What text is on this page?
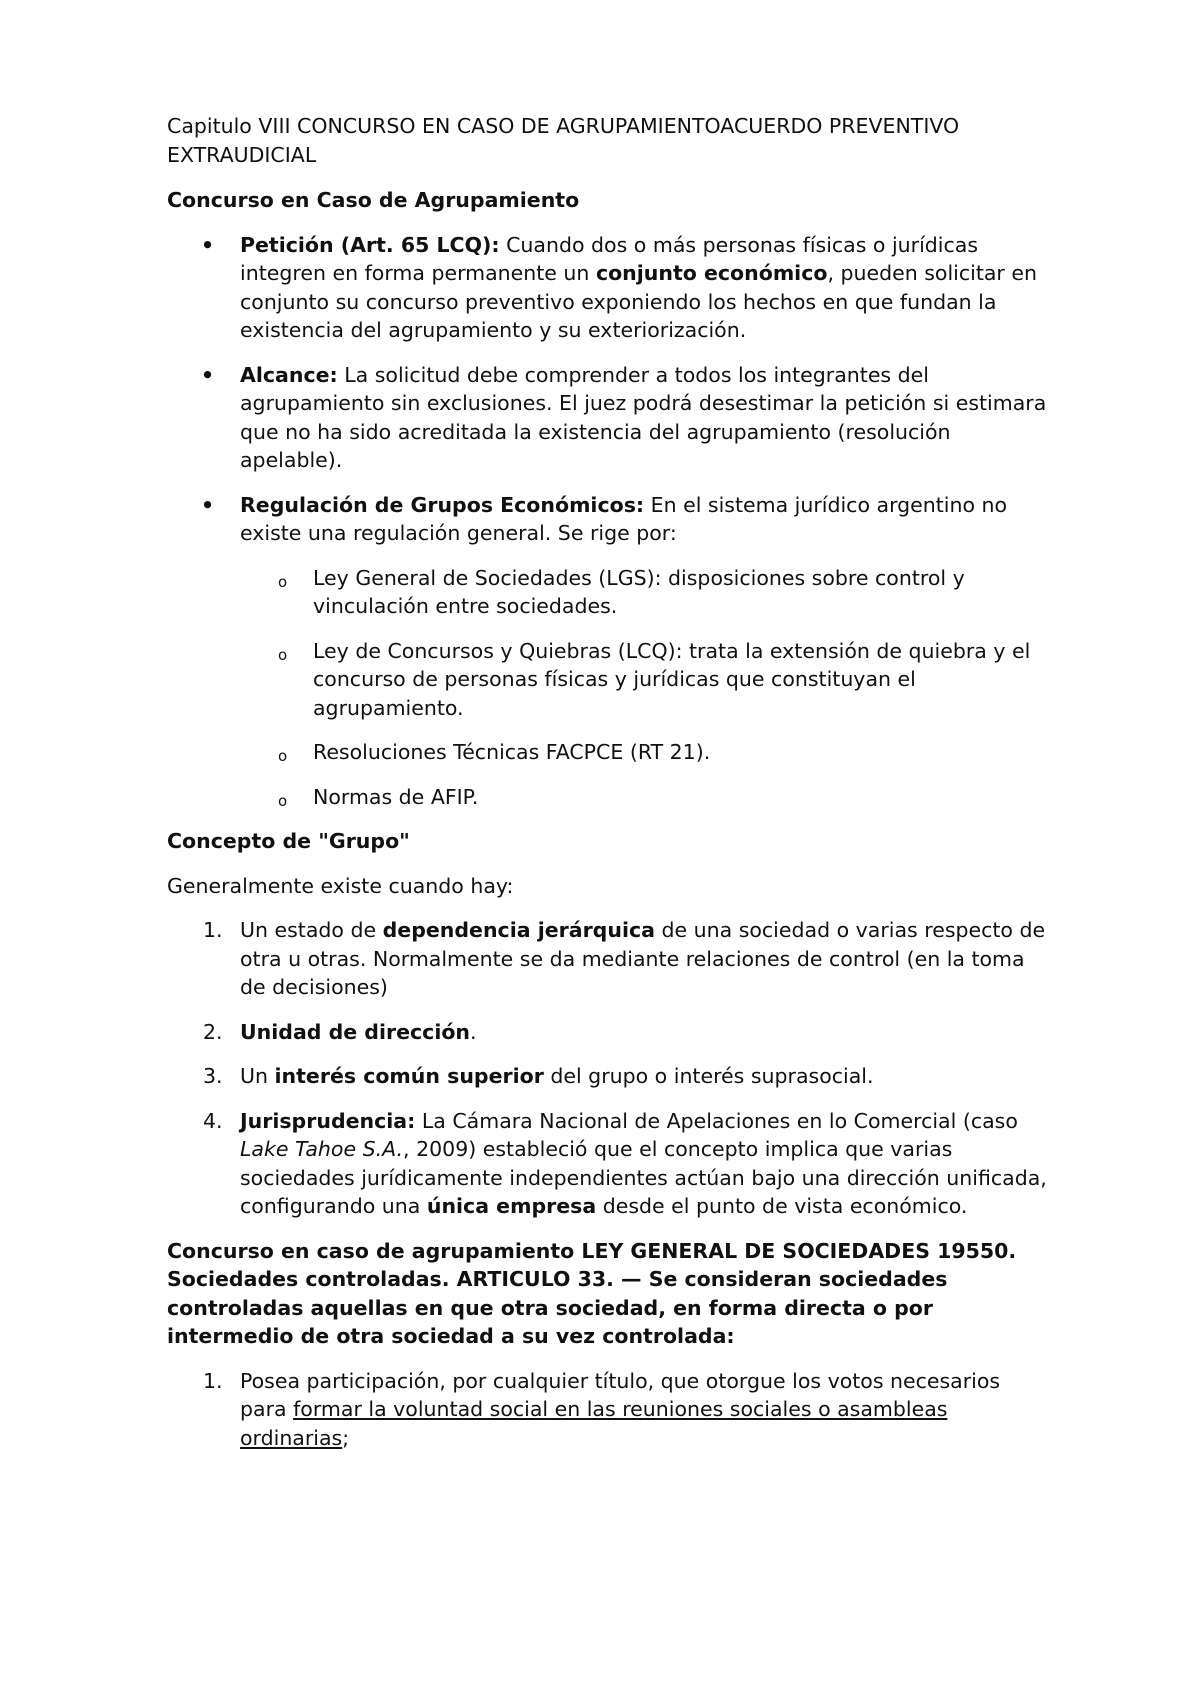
Capitulo VIII CONCURSO EN CASO DE AGRUPAMIENTOACUERDO PREVENTIVO EXTRAUDICIAL

Concurso en Caso de Agrupamiento

• Petición (Art. 65 LCQ): Cuando dos o más personas físicas o jurídicas integren en forma permanente un conjunto económico, pueden solicitar en conjunto su concurso preventivo exponiendo los hechos en que fundan la existencia del agrupamiento y su exteriorización.
• Alcance: La solicitud debe comprender a todos los integrantes del agrupamiento sin exclusiones. El juez podrá desestimar la petición si estimara que no ha sido acreditada la existencia del agrupamiento (resolución apelable).
• Regulación de Grupos Económicos: En el sistema jurídico argentino no existe una regulación general. Se rige por:
o Ley General de Sociedades (LGS): disposiciones sobre control y vinculación entre sociedades.
o Ley de Concursos y Quiebras (LCQ): trata la extensión de quiebra y el concurso de personas físicas y jurídicas que constituyan el agrupamiento.
o Resoluciones Técnicas FACPCE (RT 21).
o Normas de AFIP.

Concepto de "Grupo"

Generalmente existe cuando hay:

1. Un estado de dependencia jerárquica de una sociedad o varias respecto de otra u otras. Normalmente se da mediante relaciones de control (en la toma de decisiones)
2. Unidad de dirección.
3. Un interés común superior del grupo o interés suprasocial.
4. Jurisprudencia: La Cámara Nacional de Apelaciones en lo Comercial (caso Lake Tahoe S.A., 2009) estableció que el concepto implica que varias sociedades jurídicamente independientes actúan bajo una dirección unificada, configurando una única empresa desde el punto de vista económico.

Concurso en caso de agrupamiento LEY GENERAL DE SOCIEDADES 19550. Sociedades controladas. ARTICULO 33. — Se consideran sociedades controladas aquellas en que otra sociedad, en forma directa o por intermedio de otra sociedad a su vez controlada:

1. Posea participación, por cualquier título, que otorgue los votos necesarios para formar la voluntad social en las reuniones sociales o asambleas ordinarias;
